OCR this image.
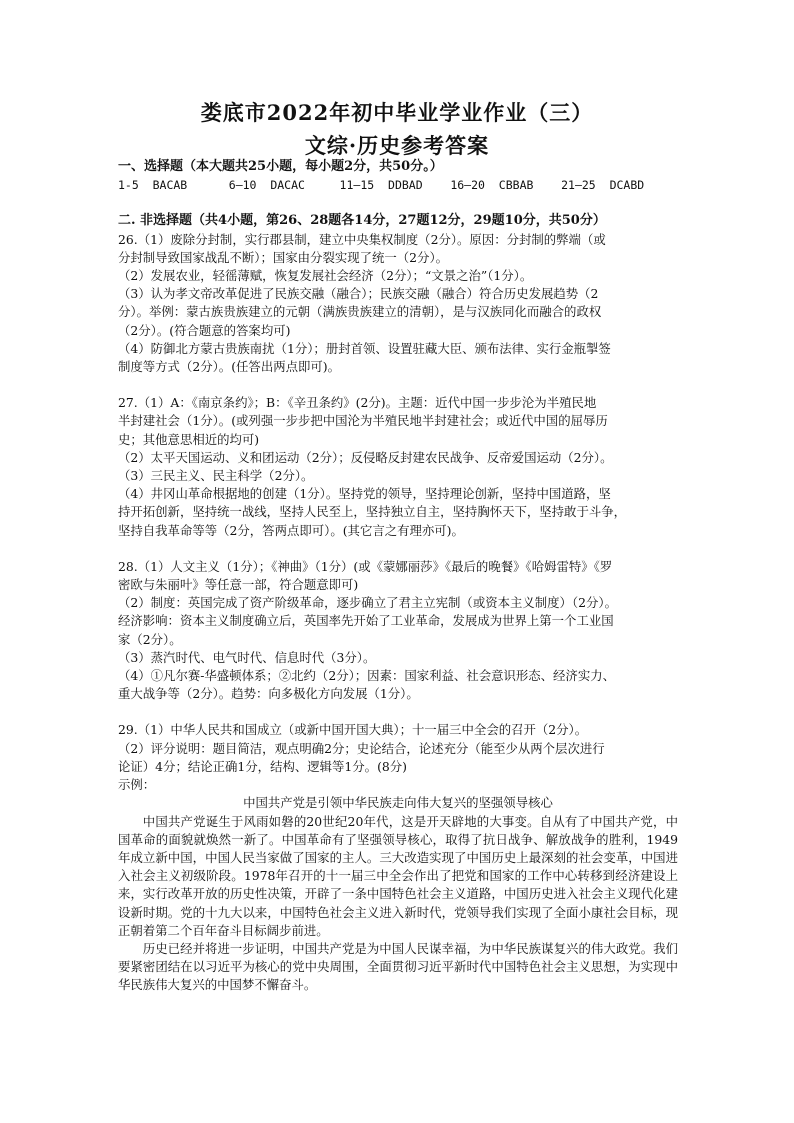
娄底市2022年初中毕业学业作业（三）
文综·历史参考答案

一、选择题（本大题共25小题，每小题2分，共50分。）

1-5  BACAB      6—10  DACAC     11—15  DDBAD    16—20  CBBAB    21—25  DCABD

二. 非选择题（共4小题，第26、28题各14分，27题12分，29题10分，共50分）

26.（1）废除分封制，实行郡县制，建立中央集权制度（2分）。原因：分封制的弊端（或

分封制导致国家战乱不断）；国家由分裂实现了统一（2分）。

（2）发展农业，轻徭薄赋，恢复发展社会经济（2分）；“文景之治”（1分）。

（3）认为孝文帝改革促进了民族交融（融合）；民族交融（融合）符合历史发展趋势（2

分）。举例：蒙古族贵族建立的元朝（满族贵族建立的清朝），是与汉族同化而融合的政权

（2分）。(符合题意的答案均可)

（4）防御北方蒙古贵族南扰（1分）；册封首领、设置驻藏大臣、颁布法律、实行金瓶掣签

制度等方式（2分）。(任答出两点即可)。

27.（1）A：《南京条约》；B：《辛丑条约》(2分)。主题：近代中国一步步沦为半殖民地

半封建社会（1分）。(或列强一步步把中国沦为半殖民地半封建社会；或近代中国的屈辱历

史；其他意思相近的均可)

（2）太平天国运动、义和团运动（2分）；反侵略反封建农民战争、反帝爱国运动（2分）。

（3）三民主义、民主科学（2分）。

（4）井冈山革命根据地的创建（1分）。坚持党的领导，坚持理论创新，坚持中国道路，坚

持开拓创新，坚持统一战线，坚持人民至上，坚持独立自主，坚持胸怀天下，坚持敢于斗争，

坚持自我革命等等（2分，答两点即可）。(其它言之有理亦可)。

28.（1）人文主义（1分）；《神曲》（1分）(或《蒙娜丽莎》《最后的晚餐》《哈姆雷特》《罗

密欧与朱丽叶》等任意一部，符合题意即可)

（2）制度：英国完成了资产阶级革命，逐步确立了君主立宪制（或资本主义制度）（2分）。

经济影响：资本主义制度确立后，英国率先开始了工业革命，发展成为世界上第一个工业国

家（2分）。

（3）蒸汽时代、电气时代、信息时代（3分）。

（4）①凡尔赛-华盛顿体系；②北约（2分）；因素：国家利益、社会意识形态、经济实力、

重大战争等（2分）。趋势：向多极化方向发展（1分）。

29.（1）中华人民共和国成立（或新中国开国大典）；十一届三中全会的召开（2分）。

（2）评分说明：题目简洁，观点明确2分；史论结合，论述充分（能至少从两个层次进行

论证）4分；结论正确1分，结构、逻辑等1分。(8分)

示例：

中国共产党是引领中华民族走向伟大复兴的坚强领导核心

中国共产党诞生于风雨如磐的20世纪20年代，这是开天辟地的大事变。自从有了中国共产党，中国革命的面貌就焕然一新了。中国革命有了坚强领导核心，取得了抗日战争、解放战争的胜利，1949年成立新中国，中国人民当家做了国家的主人。三大改造实现了中国历史上最深刻的社会变革，中国进入社会主义初级阶段。1978年召开的十一届三中全会作出了把党和国家的工作中心转移到经济建设上来，实行改革开放的历史性决策，开辟了一条中国特色社会主义道路，中国历史进入社会主义现代化建设新时期。党的十九大以来，中国特色社会主义进入新时代，党领导我们实现了全面小康社会目标，现正朝着第二个百年奋斗目标阔步前进。

历史已经并将进一步证明，中国共产党是为中国人民谋幸福，为中华民族谋复兴的伟大政党。我们要紧密团结在以习近平为核心的党中央周围，全面贯彻习近平新时代中国特色社会主义思想，为实现中华民族伟大复兴的中国梦不懈奋斗。
